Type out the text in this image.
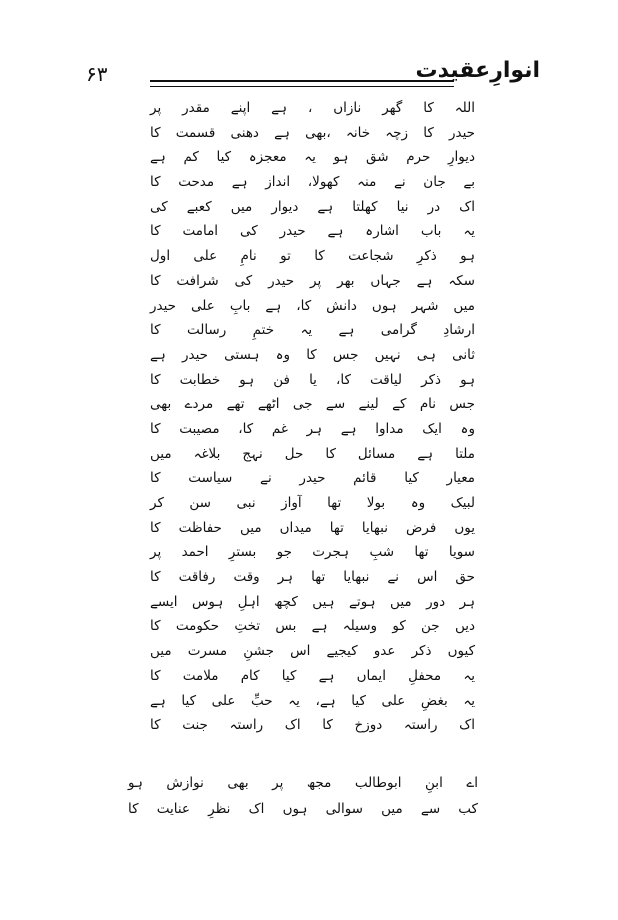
۶۳	انوارِعقیدت
اللہ کا گھر نازاں ، ہے اپنے مقدر پر
حیدر کا زچہ خانہ ،بھی ہے دھنی قسمت کا
دیوارِ حرم شق ہو یہ معجزہ کیا کم ہے
بے جان نے منہ کھولا، انداز ہے مدحت کا
اک در نیا کھلتا ہے دیوار میں کعبے کی
یہ باب اشارہ ہے حیدر کی امامت کا
ہو ذکرِ شجاعت کا تو نامِ علی اول
سکہ ہے جہاں بھر پر حیدر کی شرافت کا
میں شہر ہوں دانش کا، ہے بابِ علی حیدر
ارشادِ گرامی ہے یہ ختمِ رسالت کا
ثانی ہی نہیں جس کا وہ ہستی حیدر ہے
ہو ذکر لیاقت کا، یا فن ہو خطابت کا
جس نام کے لینے سے جی اٹھے تھے مردے بھی
وہ ایک مداوا ہے ہر غم کا، مصیبت کا
ملتا ہے مسائل کا حل نہج بلاغہ میں
معیار کیا قائم حیدر نے سیاست کا
لبیک وہ بولا تھا آواز نبی سن کر
یوں فرض نبھایا تھا میداں میں حفاظت کا
سویا تھا شبِ ہجرت جو بسترِ احمد پر
حق اس نے نبھایا تھا ہر وقت رفاقت کا
ہر دور میں ہوتے ہیں کچھ اہلِ ہوس ایسے
دیں جن کو وسیلہ ہے بس تختِ حکومت کا
کیوں ذکر عدو کیجیے اس جشنِ مسرت میں
یہ محفلِ ایماں ہے کیا کام ملامت کا
یہ بغضِ علی کیا ہے، یہ حبِّ علی کیا ہے
اک راستہ دوزخ کا اک راستہ جنت کا
اے ابنِ ابوطالب مجھ پر بھی نوازش ہو
کب سے میں سوالی ہوں اک نظرِ عنایت کا
